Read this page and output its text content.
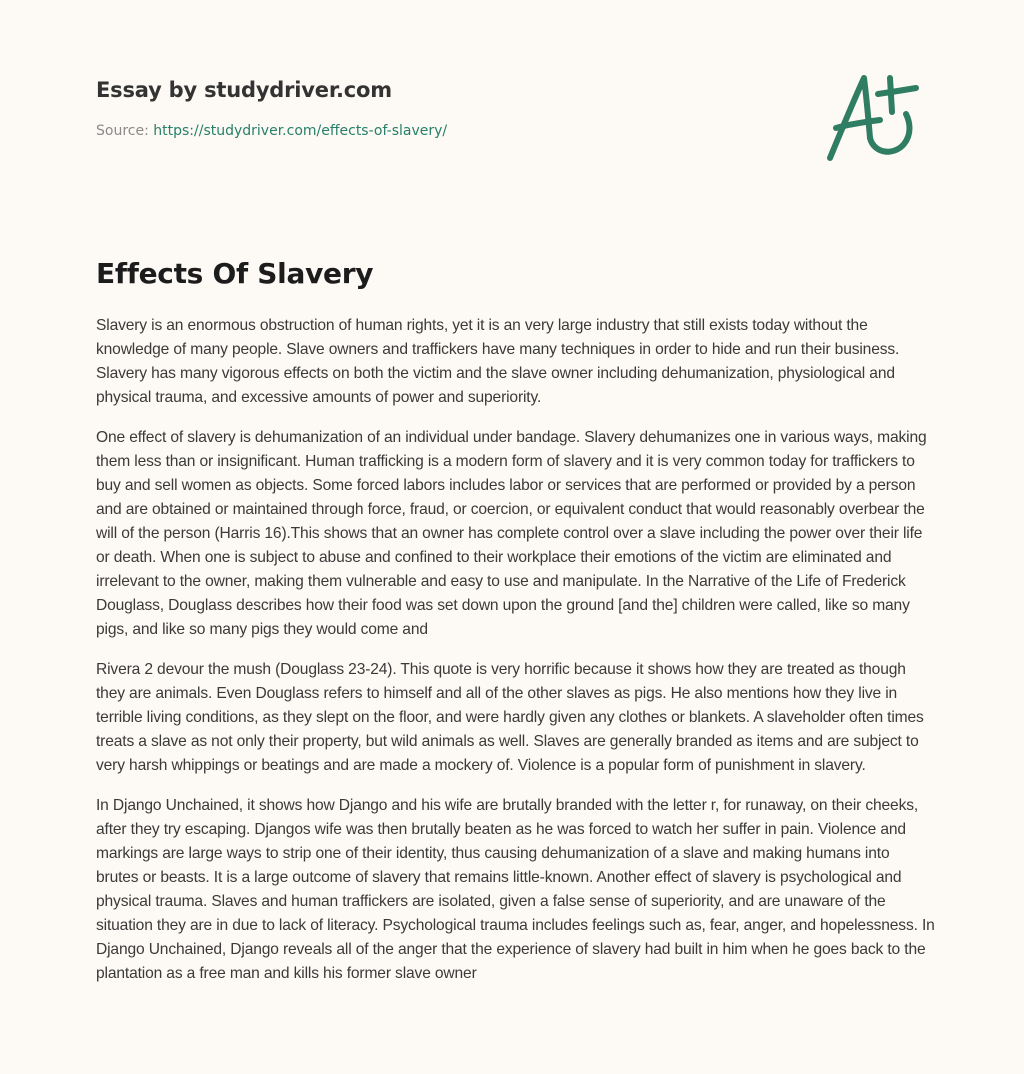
Essay by studydriver.com
Source: https://studydriver.com/effects-of-slavery/
Effects Of Slavery

Slavery is an enormous obstruction of human rights, yet it is an very large industry that still exists today without the knowledge of many people. Slave owners and traffickers have many techniques in order to hide and run their business. Slavery has many vigorous effects on both the victim and the slave owner including dehumanization, physiological and physical trauma, and excessive amounts of power and superiority.

One effect of slavery is dehumanization of an individual under bandage. Slavery dehumanizes one in various ways, making them less than or insignificant. Human trafficking is a modern form of slavery and it is very common today for traffickers to buy and sell women as objects. Some forced labors includes labor or services that are performed or provided by a person and are obtained or maintained through force, fraud, or coercion, or equivalent conduct that would reasonably overbear the will of the person (Harris 16).This shows that an owner has complete control over a slave including the power over their life or death. When one is subject to abuse and confined to their workplace their emotions of the victim are eliminated and irrelevant to the owner, making them vulnerable and easy to use and manipulate. In the Narrative of the Life of Frederick Douglass, Douglass describes how their food was set down upon the ground [and the] children were called, like so many pigs, and like so many pigs they would come and

Rivera 2 devour the mush (Douglass 23-24). This quote is very horrific because it shows how they are treated as though they are animals. Even Douglass refers to himself and all of the other slaves as pigs. He also mentions how they live in terrible living conditions, as they slept on the floor, and were hardly given any clothes or blankets. A slaveholder often times treats a slave as not only their property, but wild animals as well. Slaves are generally branded as items and are subject to very harsh whippings or beatings and are made a mockery of. Violence is a popular form of punishment in slavery.

In Django Unchained, it shows how Django and his wife are brutally branded with the letter r, for runaway, on their cheeks, after they try escaping. Djangos wife was then brutally beaten as he was forced to watch her suffer in pain. Violence and markings are large ways to strip one of their identity, thus causing dehumanization of a slave and making humans into brutes or beasts. It is a large outcome of slavery that remains little-known. Another effect of slavery is psychological and physical trauma. Slaves and human traffickers are isolated, given a false sense of superiority, and are unaware of the situation they are in due to lack of literacy. Psychological trauma includes feelings such as, fear, anger, and hopelessness. In Django Unchained, Django reveals all of the anger that the experience of slavery had built in him when he goes back to the plantation as a free man and kills his former slave owner
